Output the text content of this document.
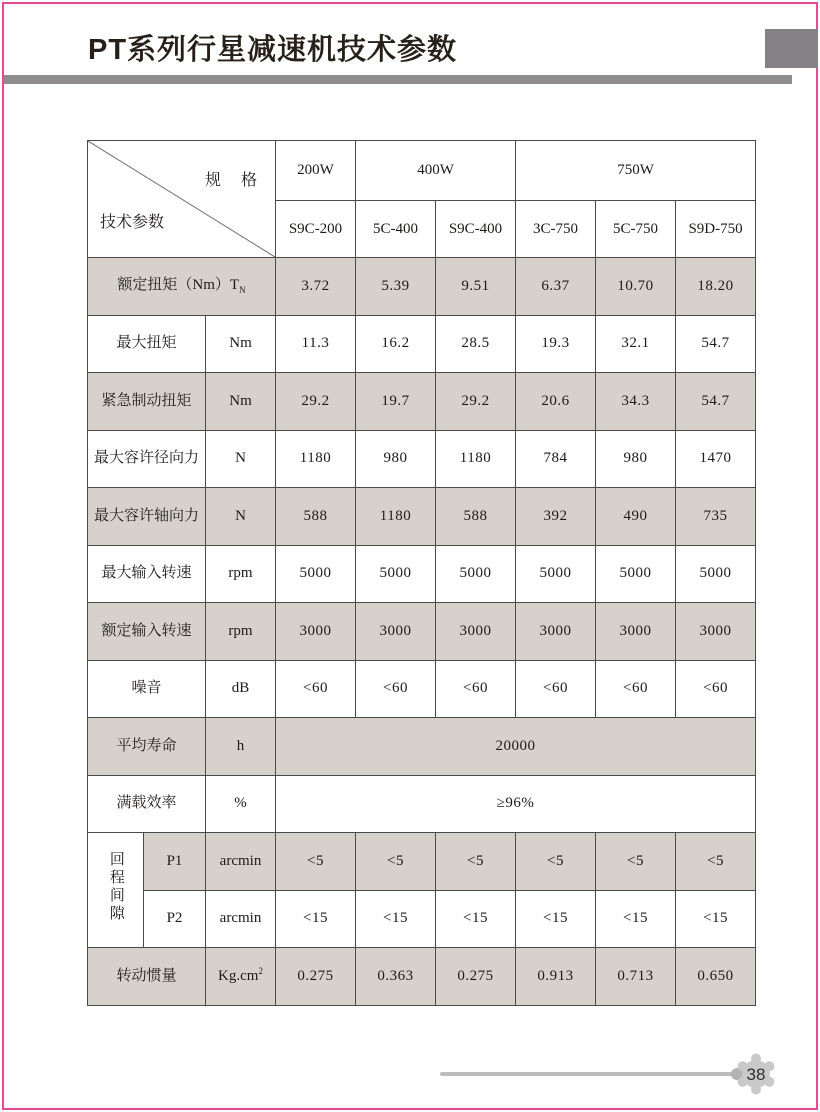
PT系列行星减速机技术参数
规　格
技术参数			200W	400W		750W		
			S9C-200	5C-400	S9C-400	3C-750	5C-750	S9D-750
额定扭矩$(Nm)T_N$			3.72	5.39	9.51	6.37	10.70	18.20
最大扭矩		Nm	11.3	16.2	28.5	19.3	32.1	54.7
紧急制动扭矩		Nm	29.2	19.7	29.2	20.6	34.3	54.7
最大容许径向力		N	1180	980	1180	784	980	1470
最大容许轴向力		N	588	1180	588	392	490	735
最大输入转速		rpm	5000	5000	5000	5000	5000	5000
额定输入转速		rpm	3000	3000	3000	3000	3000	3000
噪音		dB	<60	<60	<60	<60	<60	<60
平均寿命		h	20000					
满载效率		%	≥96%					
回程间隙	P1	arcmin	<5	<5	<5	<5	<5	<5
	P2	arcmin	<15	<15	<15	<15	<15	<15
转动惯量		$Kg.cm^2$	0.275	0.363	0.275	0.913	0.713	0.650
38
